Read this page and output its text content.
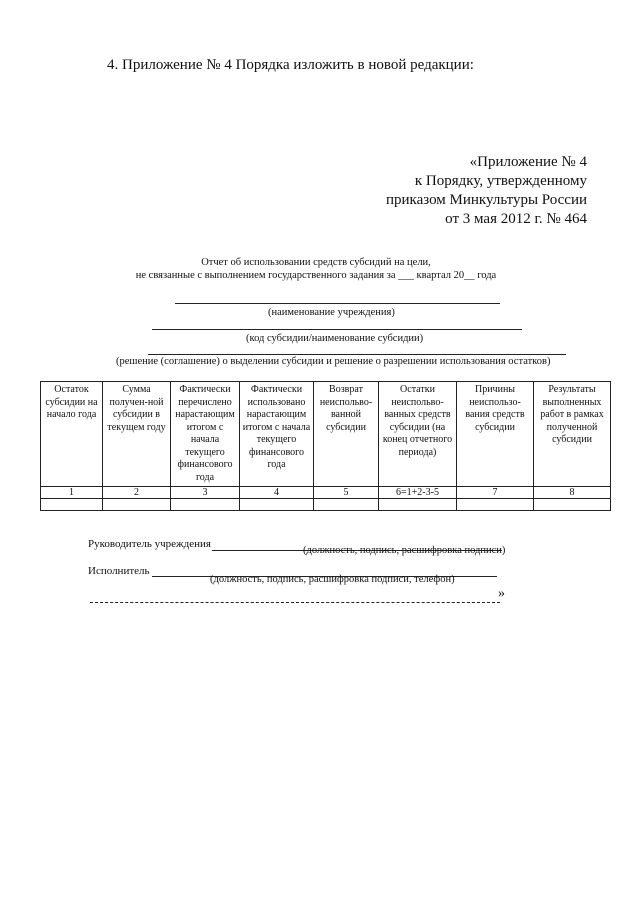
4. Приложение № 4 Порядка изложить в новой редакции:
«Приложение № 4
к Порядку, утвержденному
приказом Минкультуры России
от 3 мая 2012 г. № 464
Отчет об использовании средств субсидий на цели,
не связанные с выполнением государственного задания за ___ квартал 20__ года
(наименование учреждения)
(код субсидии/наименование субсидии)
(решение (соглашение) о выделении субсидии и решение о разрешении использования остатков)
Остаток субсидии на начало года	Сумма получен-ной субсидии в текущем году	Фактически перечислено нарастающим итогом с начала текущего финансового года	Фактически использовано нарастающим итогом с начала текущего финансового года	Возврат неиспольво-ванной субсидии	Остатки неиспольво-ванных средств субсидии (на конец отчетного периода)	Причины неиспользо-вания средств субсидии	Результаты выполненных работ в рамках полученной субсидии
1	2	3	4	5	6=1+2-3-5	7	8

Руководитель учреждения
(должность, подпись, расшифровка подписи)
Исполнитель
(должность, подпись, расшифровка подписи, телефон)
»
